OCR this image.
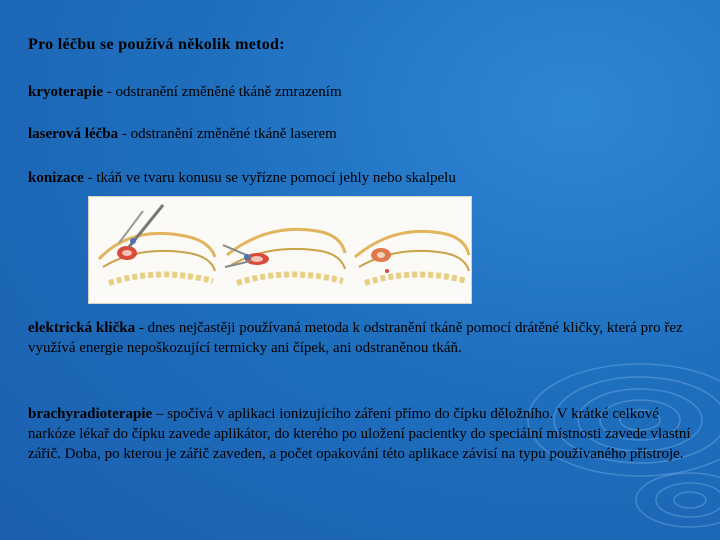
Pro léčbu se používá několik metod:
kryoterapie - odstranění změněné tkáně zmrazením
laserová léčba - odstranění změněné tkáně laserem
konizace - tkáň ve tvaru konusu se vyřízne pomocí jehly nebo skalpelu
elektrická klička - dnes nejčastěji používaná metoda k odstranění tkáně pomocí drátěné kličky, která pro řez využívá energie nepoškozující termicky ani čípek, ani odstraněnou tkáň.
brachyradioterapie – spočívá v aplikaci ionizujícího záření přímo do čípku děložního. V krátké celkové narkóze lékař do čípku zavede aplikátor, do kterého po uložení pacientky do speciální místnosti zavede vlastní zářič. Doba, po kterou je zářič zaveden, a počet opakování této aplikace závisí na typu používaného přístroje.
